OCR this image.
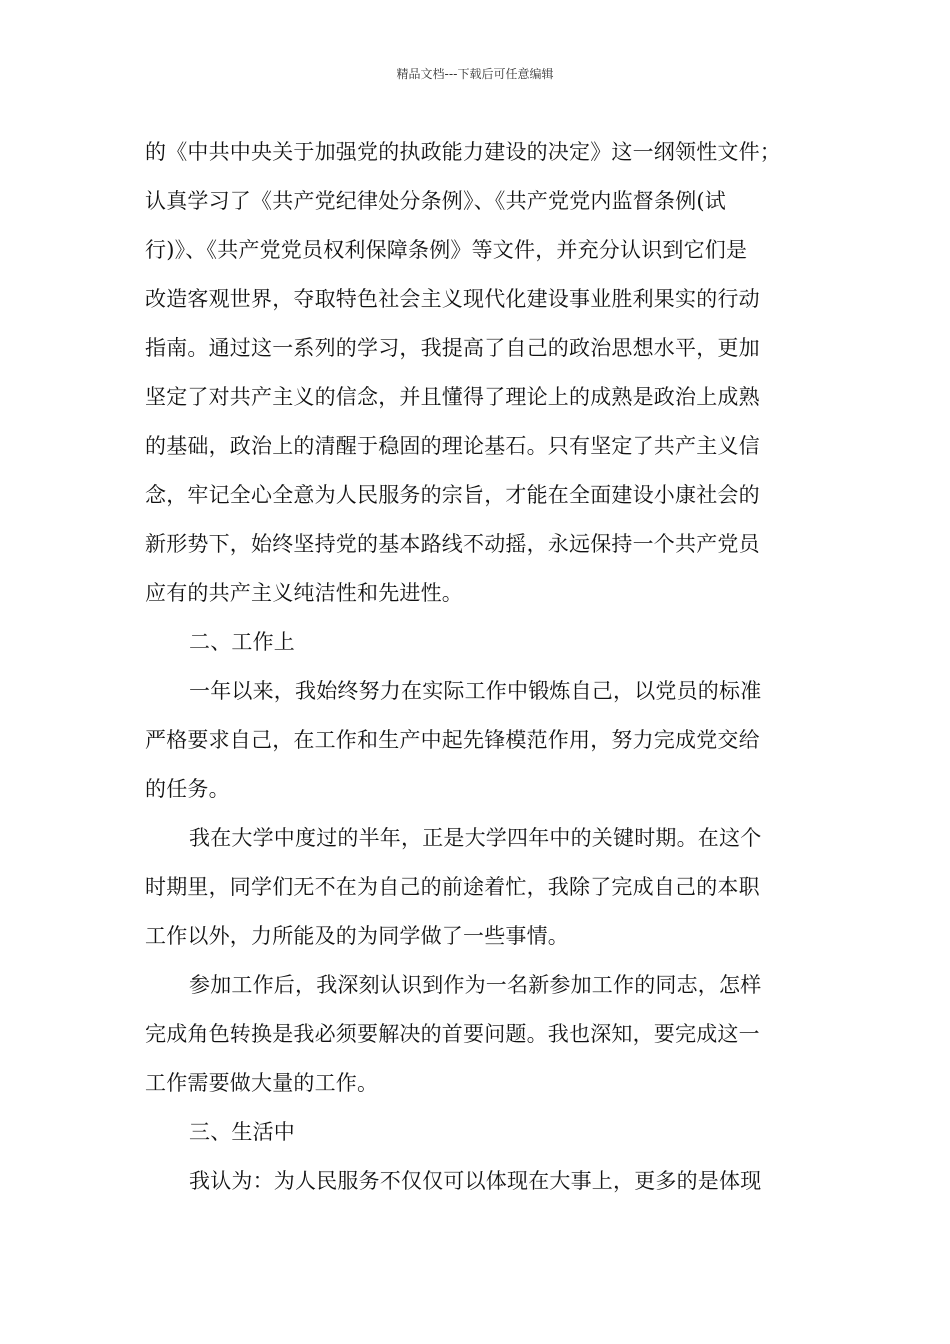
精品文档---下载后可任意编辑
的《中共中央关于加强党的执政能力建设的决定》这一纲领性文件；
认真学习了《共产党纪律处分条例》、《共产党党内监督条例(试
行)》、《共产党党员权利保障条例》等文件，并充分认识到它们是
改造客观世界，夺取特色社会主义现代化建设事业胜利果实的行动
指南。通过这一系列的学习，我提高了自己的政治思想水平，更加
坚定了对共产主义的信念，并且懂得了理论上的成熟是政治上成熟
的基础，政治上的清醒于稳固的理论基石。只有坚定了共产主义信
念，牢记全心全意为人民服务的宗旨，才能在全面建设小康社会的
新形势下，始终坚持党的基本路线不动摇，永远保持一个共产党员
应有的共产主义纯洁性和先进性。
二、工作上
一年以来，我始终努力在实际工作中锻炼自己，以党员的标准
严格要求自己，在工作和生产中起先锋模范作用，努力完成党交给
的任务。
我在大学中度过的半年，正是大学四年中的关键时期。在这个
时期里，同学们无不在为自己的前途着忙，我除了完成自己的本职
工作以外，力所能及的为同学做了一些事情。
参加工作后，我深刻认识到作为一名新参加工作的同志，怎样
完成角色转换是我必须要解决的首要问题。我也深知，要完成这一
工作需要做大量的工作。
三、生活中
我认为：为人民服务不仅仅可以体现在大事上，更多的是体现
